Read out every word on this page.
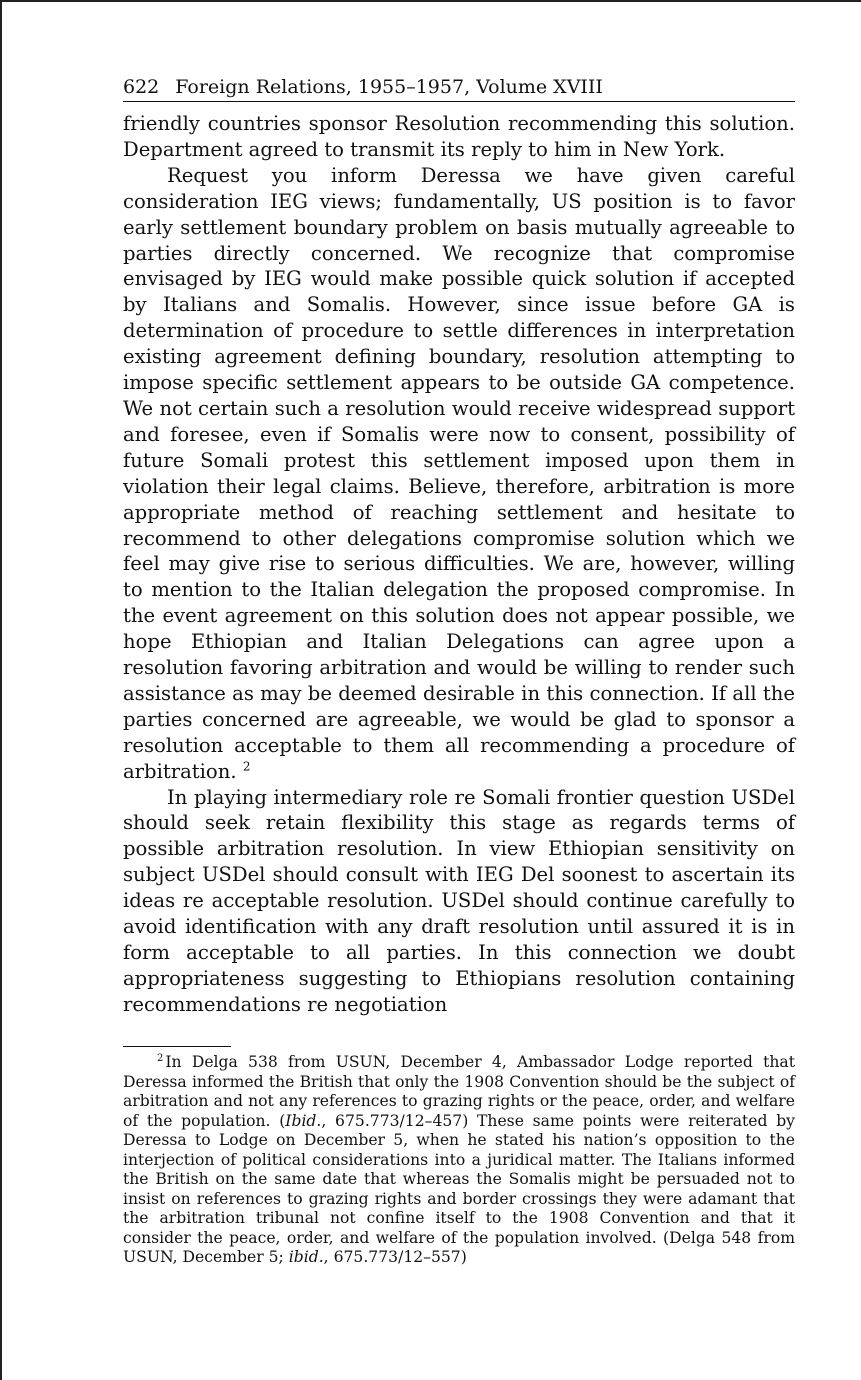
622 Foreign Relations, 1955–1957, Volume XVIII

friendly countries sponsor Resolution recommending this solution. Department agreed to transmit its reply to him in New York.

Request you inform Deressa we have given careful consideration IEG views; fundamentally, US position is to favor early settlement boundary problem on basis mutually agreeable to parties directly concerned. We recognize that compromise envisaged by IEG would make possible quick solution if accepted by Italians and Somalis. However, since issue before GA is determination of procedure to settle differences in interpretation existing agreement defining boundary, resolution attempting to impose specific settlement appears to be outside GA competence. We not certain such a resolution would receive widespread support and foresee, even if Somalis were now to consent, possibility of future Somali protest this settlement imposed upon them in violation their legal claims. Believe, therefore, arbitration is more appropriate method of reaching settlement and hesitate to recommend to other delegations compromise solution which we feel may give rise to serious difficulties. We are, however, willing to mention to the Italian delegation the proposed compromise. In the event agreement on this solution does not appear possible, we hope Ethiopian and Italian Delegations can agree upon a resolution favoring arbitration and would be willing to render such assistance as may be deemed desirable in this connection. If all the parties concerned are agreeable, we would be glad to sponsor a resolution acceptable to them all recommending a procedure of arbitration. $^2$

In playing intermediary role re Somali frontier question USDel should seek retain flexibility this stage as regards terms of possible arbitration resolution. In view Ethiopian sensitivity on subject USDel should consult with IEG Del soonest to ascertain its ideas re acceptable resolution. USDel should continue carefully to avoid identification with any draft resolution until assured it is in form acceptable to all parties. In this connection we doubt appropriateness suggesting to Ethiopians resolution containing recommendations re negotiation

$^2$ In Delga 538 from USUN, December 4, Ambassador Lodge reported that Deressa informed the British that only the 1908 Convention should be the subject of arbitration and not any references to grazing rights or the peace, order, and welfare of the population. (Ibid., 675.773/12–457) These same points were reiterated by Deressa to Lodge on December 5, when he stated his nation’s opposition to the interjection of political considerations into a juridical matter. The Italians informed the British on the same date that whereas the Somalis might be persuaded not to insist on references to grazing rights and border crossings they were adamant that the arbitration tribunal not confine itself to the 1908 Convention and that it consider the peace, order, and welfare of the population involved. (Delga 548 from USUN, December 5; ibid., 675.773/12–557)
